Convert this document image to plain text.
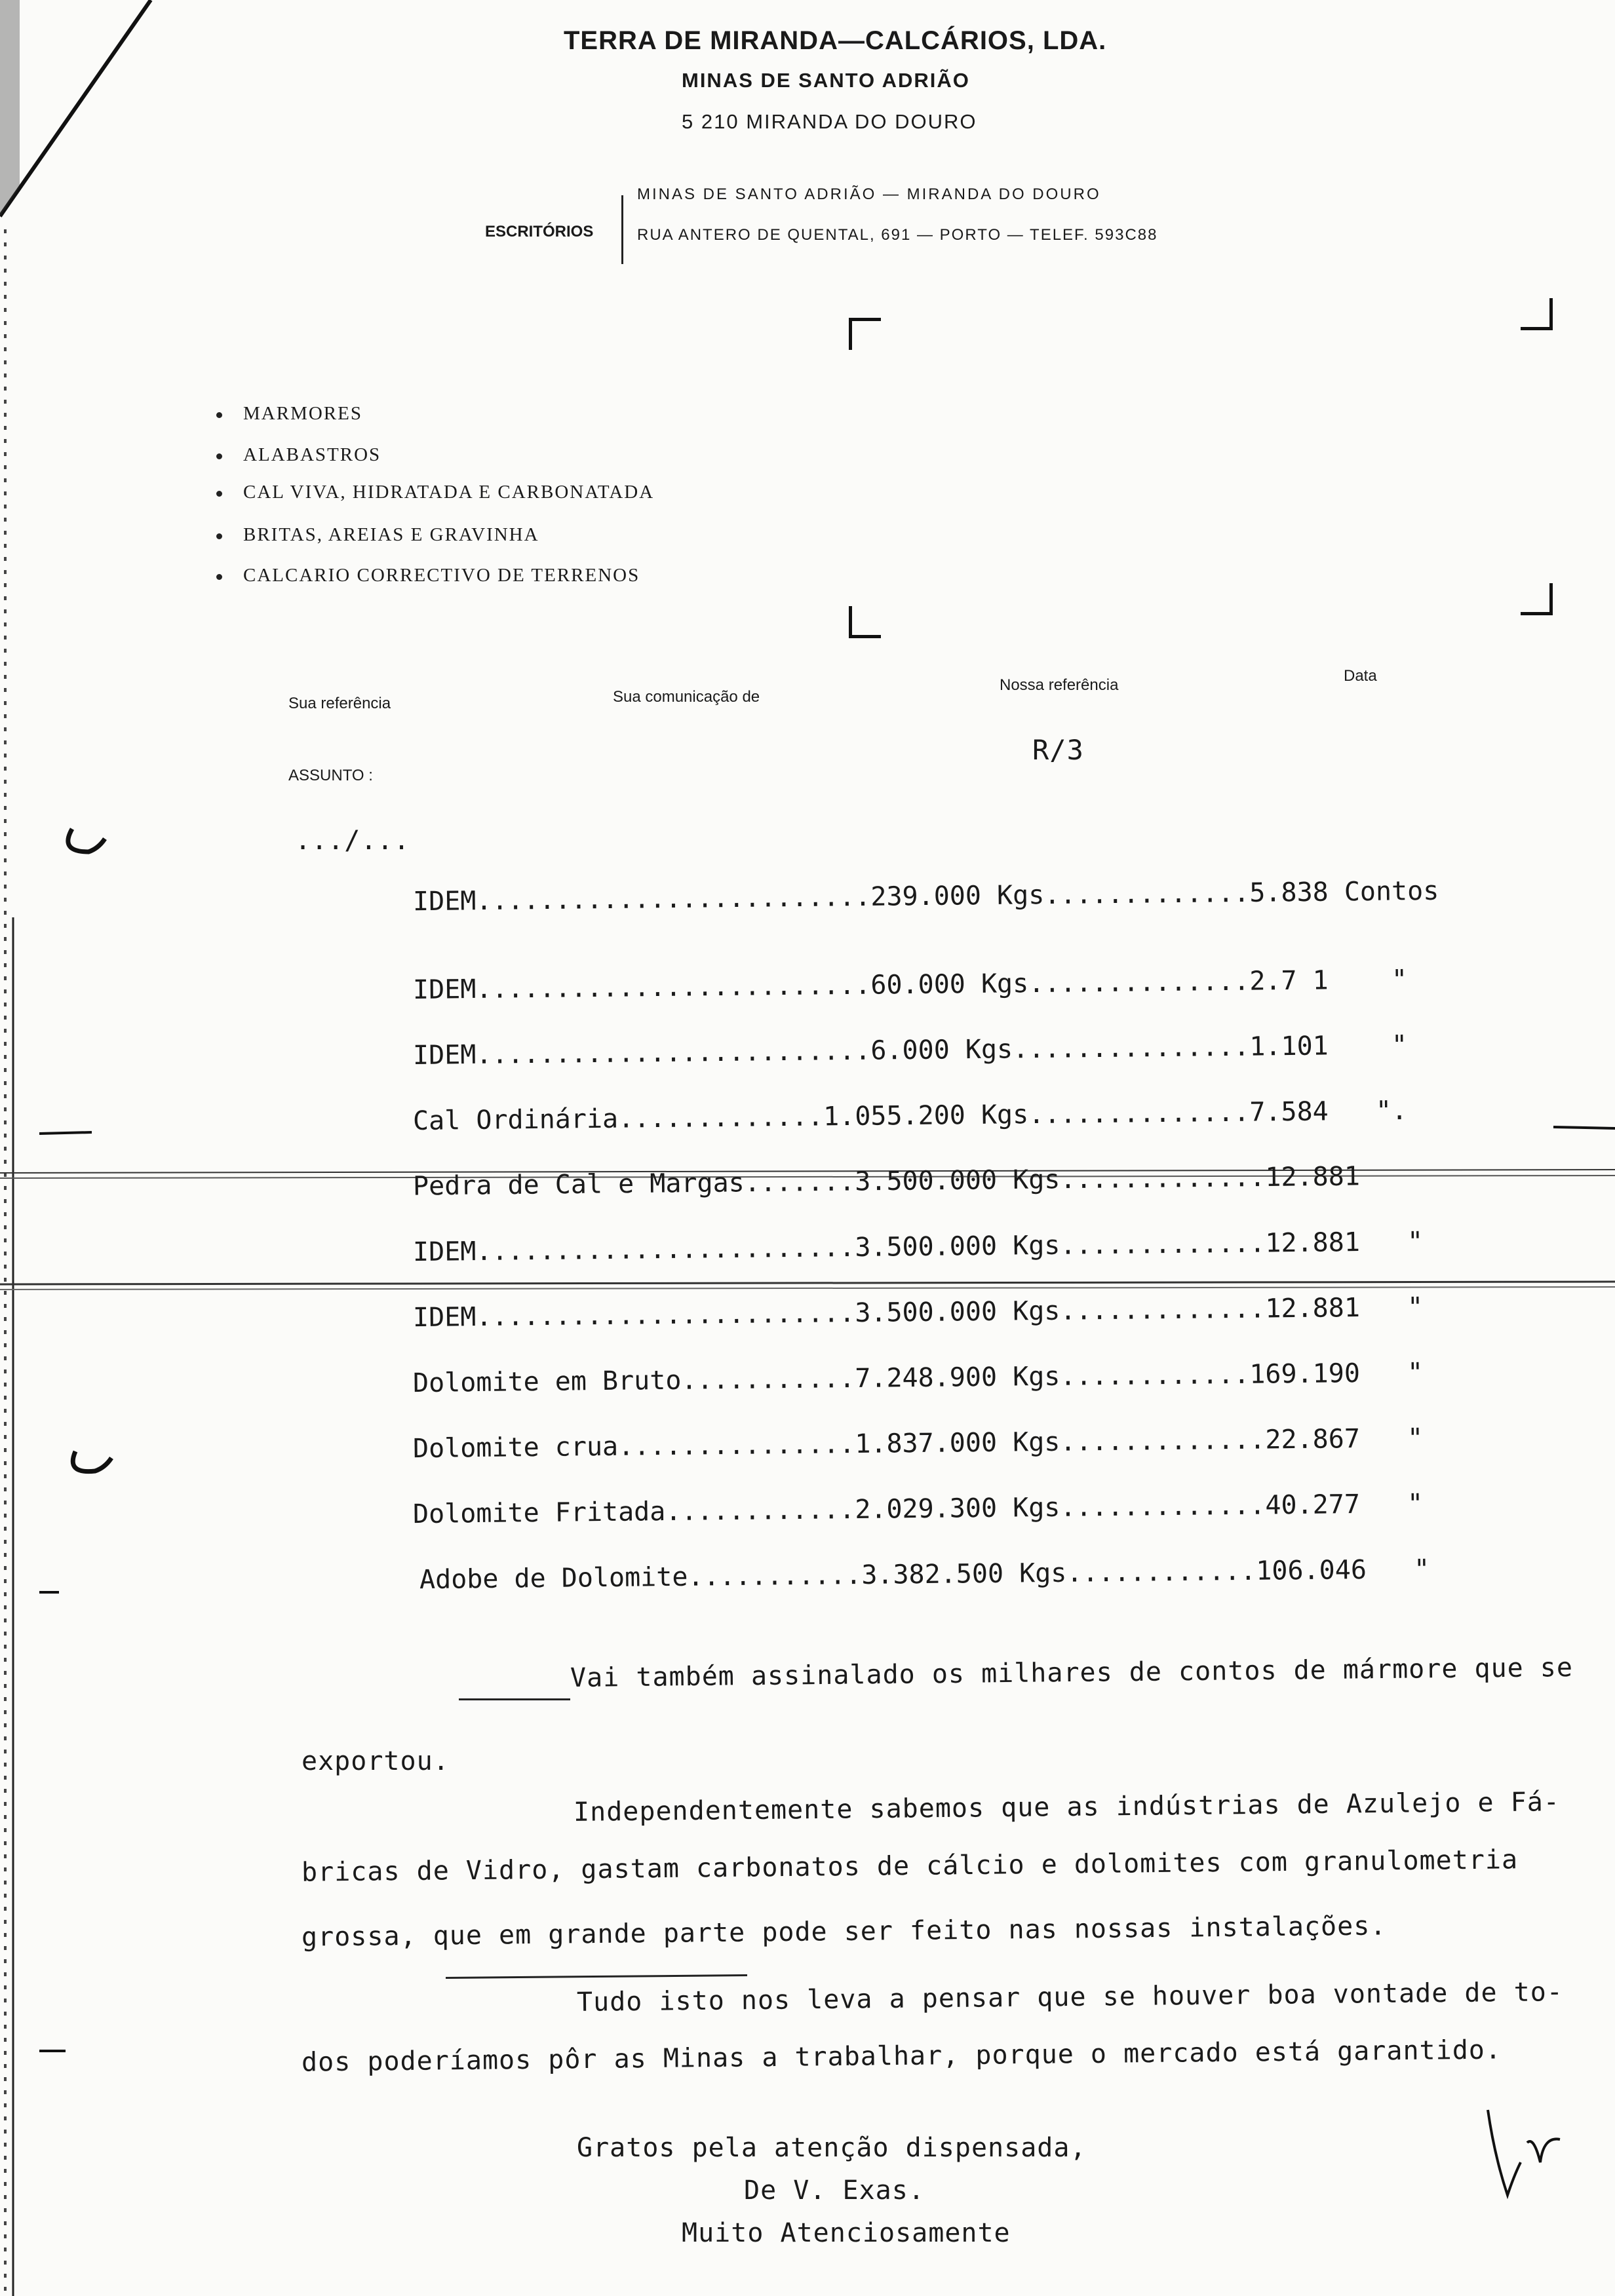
TERRA DE MIRANDA—CALCÁRIOS, LDA.
MINAS DE SANTO ADRIÃO
5 210 MIRANDA DO DOURO
ESCRITÓRIOS
MINAS DE SANTO ADRIÃO — MIRANDA DO DOURO
RUA ANTERO DE QUENTAL, 691 — PORTO — TELEF. 593C88
MARMORES
ALABASTROS
CAL VIVA, HIDRATADA E CARBONATADA
BRITAS, AREIAS E GRAVINHA
CALCARIO CORRECTIVO DE TERRENOS
Sua referência	Sua comunicação de
Nossa referência
Data
R/3
ASSUNTO :
.../...
IDEM.........................239.000 Kgs.............5.838 Contos
IDEM.........................60.000 Kgs..............2.7 1    "
IDEM.........................6.000 Kgs...............1.101    "
Cal Ordinária.............1.055.200 Kgs..............7.584   ".
Pedra de Cal e Margas.......3.500.000 Kgs.............12.881
IDEM........................3.500.000 Kgs.............12.881   "
IDEM........................3.500.000 Kgs.............12.881   "
Dolomite em Bruto...........7.248.900 Kgs............169.190   "
Dolomite crua...............1.837.000 Kgs.............22.867   "
Dolomite Fritada............2.029.300 Kgs.............40.277   "
Adobe de Dolomite...........3.382.500 Kgs............106.046   "
Vai também assinalado os milhares de contos de mármore que se
exportou.
Independentemente sabemos que as indústrias de Azulejo e Fá-
bricas de Vidro, gastam carbonatos de cálcio e dolomites com granulometria
grossa, que em grande parte pode ser feito nas nossas instalações.
Tudo isto nos leva a pensar que se houver boa vontade de to-
dos poderíamos pôr as Minas a trabalhar, porque o mercado está garantido.
Gratos pela atenção dispensada,
De V. Exas.
Muito Atenciosamente
